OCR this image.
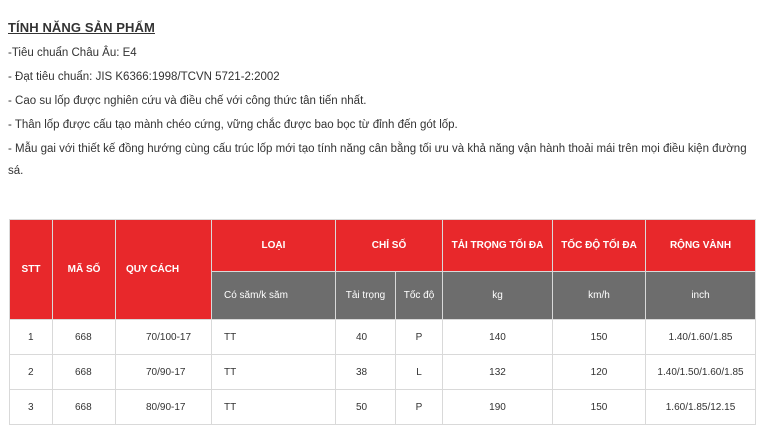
TÍNH NĂNG SẢN PHẨM
-Tiêu chuẩn Châu Âu: E4
- Đạt tiêu chuẩn: JIS K6366:1998/TCVN 5721-2:2002
- Cao su lốp được nghiên cứu và điều chế với công thức tân tiến nhất.
- Thân lốp được cấu tạo mành chéo cứng, vững chắc được bao bọc từ đỉnh đến gót lốp.
- Mẫu gai với thiết kế đồng hướng cùng cấu trúc lốp mới tạo tính năng cân bằng tối ưu và khả năng vận hành thoải mái trên mọi điều kiện đường sá.
STT	MÃ SỐ	QUY CÁCH	LOẠI	CHỈ SỐ		TẢI TRỌNG TỐI ĐA	TỐC ĐỘ TỐI ĐA	RỘNG VÀNH
			Có săm/k săm	Tải trọng	Tốc độ	kg	km/h	inch
1	668	70/100-17	TT	40	P	140	150	1.40/1.60/1.85
2	668	70/90-17	TT	38	L	132	120	1.40/1.50/1.60/1.85
3	668	80/90-17	TT	50	P	190	150	1.60/1.85/12.15
